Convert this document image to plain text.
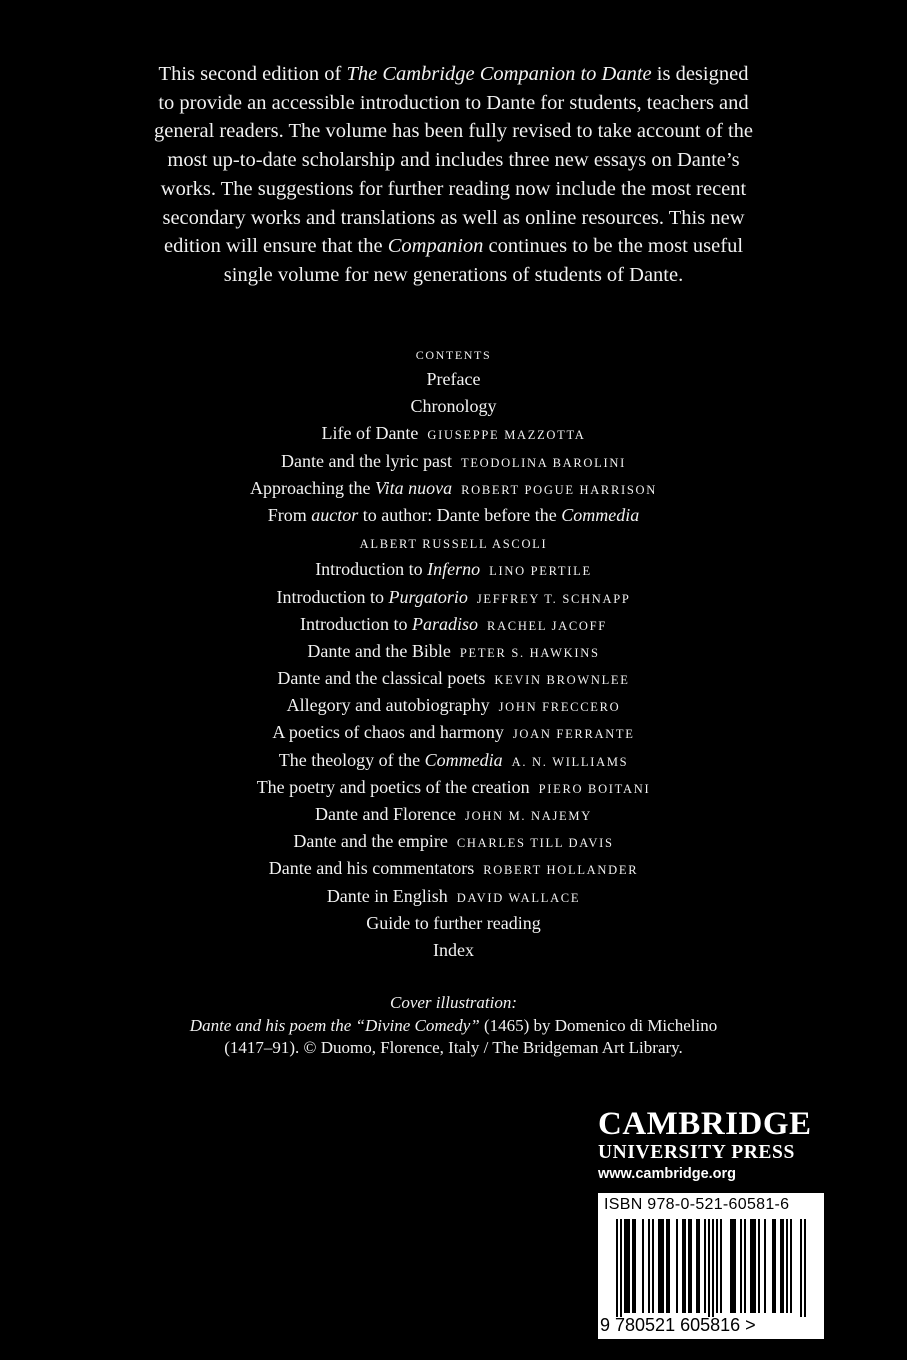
This second edition of The Cambridge Companion to Dante is designed to provide an accessible introduction to Dante for students, teachers and general readers. The volume has been fully revised to take account of the most up-to-date scholarship and includes three new essays on Dante’s works. The suggestions for further reading now include the most recent secondary works and translations as well as online resources. This new edition will ensure that the Companion continues to be the most useful single volume for new generations of students of Dante.
CONTENTS
Preface
Chronology
Life of Dante GIUSEPPE MAZZOTTA
Dante and the lyric past TEODOLINA BAROLINI
Approaching the Vita nuova ROBERT POGUE HARRISON
From auctor to author: Dante before the Commedia
ALBERT RUSSELL ASCOLI
Introduction to Inferno LINO PERTILE
Introduction to Purgatorio JEFFREY T. SCHNAPP
Introduction to Paradiso RACHEL JACOFF
Dante and the Bible PETER S. HAWKINS
Dante and the classical poets KEVIN BROWNLEE
Allegory and autobiography JOHN FRECCERO
A poetics of chaos and harmony JOAN FERRANTE
The theology of the Commedia A. N. WILLIAMS
The poetry and poetics of the creation PIERO BOITANI
Dante and Florence JOHN M. NAJEMY
Dante and the empire CHARLES TILL DAVIS
Dante and his commentators ROBERT HOLLANDER
Dante in English DAVID WALLACE
Guide to further reading
Index
Cover illustration:
Dante and his poem the “Divine Comedy” (1465) by Domenico di Michelino
(1417–91). © Duomo, Florence, Italy / The Bridgeman Art Library.
CAMBRIDGE
UNIVERSITY PRESS
www.cambridge.org
ISBN 978-0-521-60581-6
9 780521 605816 >
